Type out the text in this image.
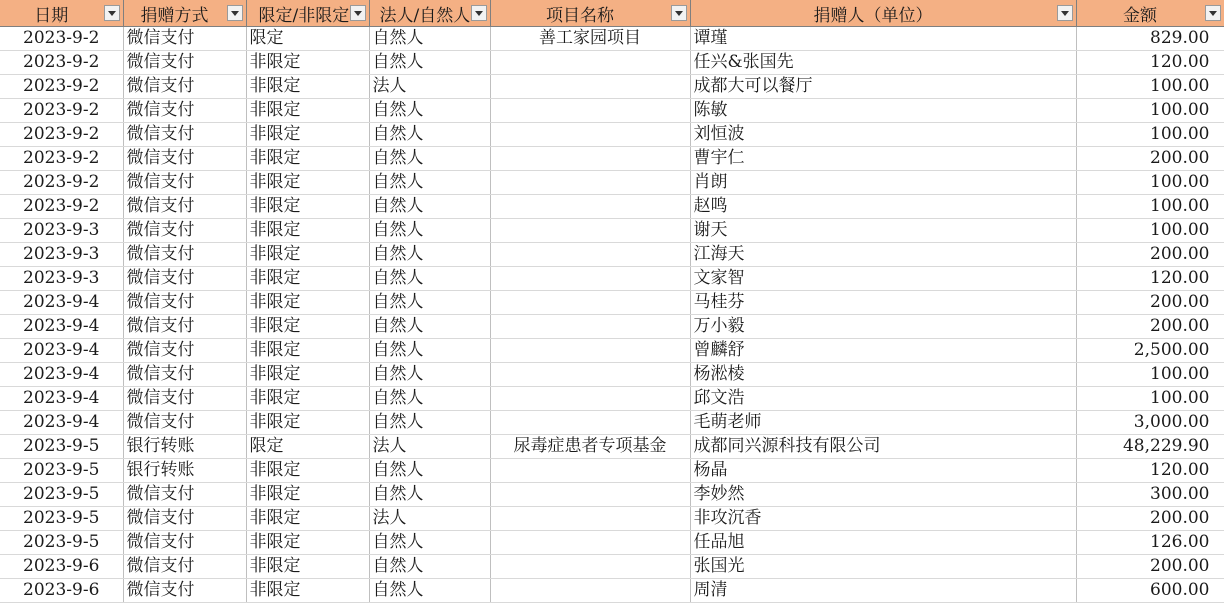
日期	捐赠方式	限定/非限定	法人/自然人	项目名称	捐赠人（单位）	金额

2023-9-2	微信支付	限定	自然人	善工家园项目	谭瑾	829.00
2023-9-2	微信支付	非限定	自然人		任兴&张国先	120.00
2023-9-2	微信支付	非限定	法人		成都大可以餐厅	100.00
2023-9-2	微信支付	非限定	自然人		陈敏	100.00
2023-9-2	微信支付	非限定	自然人		刘恒波	100.00
2023-9-2	微信支付	非限定	自然人		曹宇仁	200.00
2023-9-2	微信支付	非限定	自然人		肖朗	100.00
2023-9-2	微信支付	非限定	自然人		赵鸣	100.00
2023-9-3	微信支付	非限定	自然人		谢天	100.00
2023-9-3	微信支付	非限定	自然人		江海天	200.00
2023-9-3	微信支付	非限定	自然人		文家智	120.00
2023-9-4	微信支付	非限定	自然人		马桂芬	200.00
2023-9-4	微信支付	非限定	自然人		万小毅	200.00
2023-9-4	微信支付	非限定	自然人		曾麟舒	2,500.00
2023-9-4	微信支付	非限定	自然人		杨淞棱	100.00
2023-9-4	微信支付	非限定	自然人		邱文浩	100.00
2023-9-4	微信支付	非限定	自然人		毛萌老师	3,000.00
2023-9-5	银行转账	限定	法人	尿毒症患者专项基金	成都同兴源科技有限公司	48,229.90
2023-9-5	银行转账	非限定	自然人		杨晶	120.00
2023-9-5	微信支付	非限定	自然人		李妙然	300.00
2023-9-5	微信支付	非限定	法人		非攻沉香	200.00
2023-9-5	微信支付	非限定	自然人		任品旭	126.00
2023-9-6	微信支付	非限定	自然人		张国光	200.00
2023-9-6	微信支付	非限定	自然人		周清	600.00
